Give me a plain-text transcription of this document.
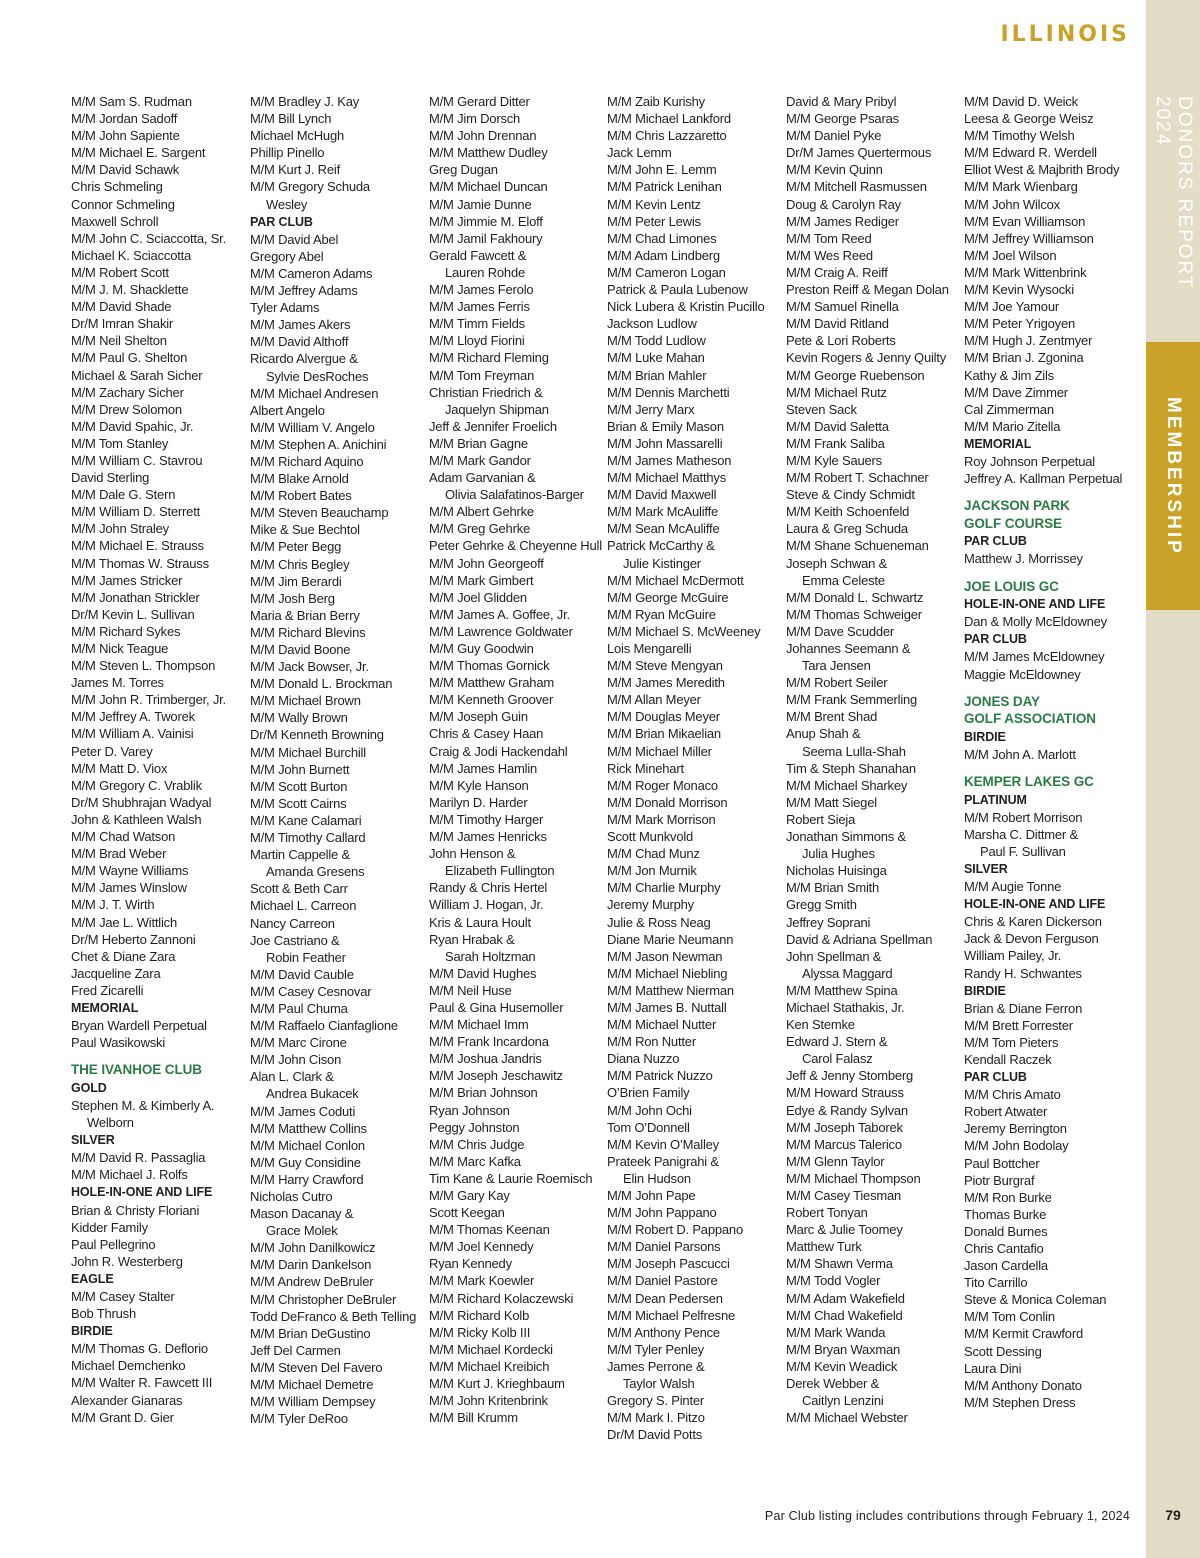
ILLINOIS
DONORS REPORT 2024
MEMBERSHIP
M/M Sam S. Rudman
M/M Jordan Sadoff
M/M John Sapiente
M/M Michael E. Sargent
M/M David Schawk
Chris Schmeling
Connor Schmeling
Maxwell Schroll
M/M John C. Sciaccotta, Sr.
Michael K. Sciaccotta
M/M Robert Scott
M/M J. M. Shacklette
M/M David Shade
Dr/M Imran Shakir
M/M Neil Shelton
M/M Paul G. Shelton
Michael & Sarah Sicher
M/M Zachary Sicher
M/M Drew Solomon
M/M David Spahic, Jr.
M/M Tom Stanley
M/M William C. Stavrou
David Sterling
M/M Dale G. Stern
M/M William D. Sterrett
M/M John Straley
M/M Michael E. Strauss
M/M Thomas W. Strauss
M/M James Stricker
M/M Jonathan Strickler
Dr/M Kevin L. Sullivan
M/M Richard Sykes
M/M Nick Teague
M/M Steven L. Thompson
James M. Torres
M/M John R. Trimberger, Jr.
M/M Jeffrey A. Tworek
M/M William A. Vainisi
Peter D. Varey
M/M Matt D. Viox
M/M Gregory C. Vrablik
Dr/M Shubhrajan Wadyal
John & Kathleen Walsh
M/M Chad Watson
M/M Brad Weber
M/M Wayne Williams
M/M James Winslow
M/M J. T. Wirth
M/M Jae L. Wittlich
Dr/M Heberto Zannoni
Chet & Diane Zara
Jacqueline Zara
Fred Zicarelli
MEMORIAL
Bryan Wardell Perpetual
Paul Wasikowski
THE IVANHOE CLUB
GOLD
Stephen M. & Kimberly A.
Welborn
SILVER
M/M David R. Passaglia
M/M Michael J. Rolfs
HOLE-IN-ONE AND LIFE
Brian & Christy Floriani
Kidder Family
Paul Pellegrino
John R. Westerberg
EAGLE
M/M Casey Stalter
Bob Thrush
BIRDIE
M/M Thomas G. Deflorio
Michael Demchenko
M/M Walter R. Fawcett III
Alexander Gianaras
M/M Grant D. Gier
M/M Bradley J. Kay
M/M Bill Lynch
Michael McHugh
Phillip Pinello
M/M Kurt J. Reif
M/M Gregory Schuda
Wesley
PAR CLUB
M/M David Abel
Gregory Abel
M/M Cameron Adams
M/M Jeffrey Adams
Tyler Adams
M/M James Akers
M/M David Althoff
Ricardo Alvergue &
Sylvie DesRoches
M/M Michael Andresen
Albert Angelo
M/M William V. Angelo
M/M Stephen A. Anichini
M/M Richard Aquino
M/M Blake Arnold
M/M Robert Bates
M/M Steven Beauchamp
Mike & Sue Bechtol
M/M Peter Begg
M/M Chris Begley
M/M Jim Berardi
M/M Josh Berg
Maria & Brian Berry
M/M Richard Blevins
M/M David Boone
M/M Jack Bowser, Jr.
M/M Donald L. Brockman
M/M Michael Brown
M/M Wally Brown
Dr/M Kenneth Browning
M/M Michael Burchill
M/M John Burnett
M/M Scott Burton
M/M Scott Cairns
M/M Kane Calamari
M/M Timothy Callard
Martin Cappelle &
Amanda Gresens
Scott & Beth Carr
Michael L. Carreon
Nancy Carreon
Joe Castriano &
Robin Feather
M/M David Cauble
M/M Casey Cesnovar
M/M Paul Chuma
M/M Raffaelo Cianfaglione
M/M Marc Cirone
M/M John Cison
Alan L. Clark &
Andrea Bukacek
M/M James Coduti
M/M Matthew Collins
M/M Michael Conlon
M/M Guy Considine
M/M Harry Crawford
Nicholas Cutro
Mason Dacanay &
Grace Molek
M/M John Danilkowicz
M/M Darin Dankelson
M/M Andrew DeBruler
M/M Christopher DeBruler
Todd DeFranco & Beth Telling
M/M Brian DeGustino
Jeff Del Carmen
M/M Steven Del Favero
M/M Michael Demetre
M/M William Dempsey
M/M Tyler DeRoo
M/M Gerard Ditter
M/M Jim Dorsch
M/M John Drennan
M/M Matthew Dudley
Greg Dugan
M/M Michael Duncan
M/M Jamie Dunne
M/M Jimmie M. Eloff
M/M Jamil Fakhoury
Gerald Fawcett &
Lauren Rohde
M/M James Ferolo
M/M James Ferris
M/M Timm Fields
M/M Lloyd Fiorini
M/M Richard Fleming
M/M Tom Freyman
Christian Friedrich &
Jaquelyn Shipman
Jeff & Jennifer Froelich
M/M Brian Gagne
M/M Mark Gandor
Adam Garvanian &
Olivia Salafatinos-Barger
M/M Albert Gehrke
M/M Greg Gehrke
Peter Gehrke & Cheyenne Hull
M/M John Georgeoff
M/M Mark Gimbert
M/M Joel Glidden
M/M James A. Goffee, Jr.
M/M Lawrence Goldwater
M/M Guy Goodwin
M/M Thomas Gornick
M/M Matthew Graham
M/M Kenneth Groover
M/M Joseph Guin
Chris & Casey Haan
Craig & Jodi Hackendahl
M/M James Hamlin
M/M Kyle Hanson
Marilyn D. Harder
M/M Timothy Harger
M/M James Henricks
John Henson &
Elizabeth Fullington
Randy & Chris Hertel
William J. Hogan, Jr.
Kris & Laura Hoult
Ryan Hrabak &
Sarah Holtzman
M/M David Hughes
M/M Neil Huse
Paul & Gina Husemoller
M/M Michael Imm
M/M Frank Incardona
M/M Joshua Jandris
M/M Joseph Jeschawitz
M/M Brian Johnson
Ryan Johnson
Peggy Johnston
M/M Chris Judge
M/M Marc Kafka
Tim Kane & Laurie Roemisch
M/M Gary Kay
Scott Keegan
M/M Thomas Keenan
M/M Joel Kennedy
Ryan Kennedy
M/M Mark Koewler
M/M Richard Kolaczewski
M/M Richard Kolb
M/M Ricky Kolb III
M/M Michael Kordecki
M/M Michael Kreibich
M/M Kurt J. Krieghbaum
M/M John Kritenbrink
M/M Bill Krumm
M/M Zaib Kurishy
M/M Michael Lankford
M/M Chris Lazzaretto
Jack Lemm
M/M John E. Lemm
M/M Patrick Lenihan
M/M Kevin Lentz
M/M Peter Lewis
M/M Chad Limones
M/M Adam Lindberg
M/M Cameron Logan
Patrick & Paula Lubenow
Nick Lubera & Kristin Pucillo
Jackson Ludlow
M/M Todd Ludlow
M/M Luke Mahan
M/M Brian Mahler
M/M Dennis Marchetti
M/M Jerry Marx
Brian & Emily Mason
M/M John Massarelli
M/M James Matheson
M/M Michael Matthys
M/M David Maxwell
M/M Mark McAuliffe
M/M Sean McAuliffe
Patrick McCarthy &
Julie Kistinger
M/M Michael McDermott
M/M George McGuire
M/M Ryan McGuire
M/M Michael S. McWeeney
Lois Mengarelli
M/M Steve Mengyan
M/M James Meredith
M/M Allan Meyer
M/M Douglas Meyer
M/M Brian Mikaelian
M/M Michael Miller
Rick Minehart
M/M Roger Monaco
M/M Donald Morrison
M/M Mark Morrison
Scott Munkvold
M/M Chad Munz
M/M Jon Murnik
M/M Charlie Murphy
Jeremy Murphy
Julie & Ross Neag
Diane Marie Neumann
M/M Jason Newman
M/M Michael Niebling
M/M Matthew Nierman
M/M James B. Nuttall
M/M Michael Nutter
M/M Ron Nutter
Diana Nuzzo
M/M Patrick Nuzzo
O’Brien Family
M/M John Ochi
Tom O’Donnell
M/M Kevin O’Malley
Prateek Panigrahi &
Elin Hudson
M/M John Pape
M/M John Pappano
M/M Robert D. Pappano
M/M Daniel Parsons
M/M Joseph Pascucci
M/M Daniel Pastore
M/M Dean Pedersen
M/M Michael Pelfresne
M/M Anthony Pence
M/M Tyler Penley
James Perrone &
Taylor Walsh
Gregory S. Pinter
M/M Mark I. Pitzo
Dr/M David Potts
David & Mary Pribyl
M/M George Psaras
M/M Daniel Pyke
Dr/M James Quertermous
M/M Kevin Quinn
M/M Mitchell Rasmussen
Doug & Carolyn Ray
M/M James Rediger
M/M Tom Reed
M/M Wes Reed
M/M Craig A. Reiff
Preston Reiff & Megan Dolan
M/M Samuel Rinella
M/M David Ritland
Pete & Lori Roberts
Kevin Rogers & Jenny Quilty
M/M George Ruebenson
M/M Michael Rutz
Steven Sack
M/M David Saletta
M/M Frank Saliba
M/M Kyle Sauers
M/M Robert T. Schachner
Steve & Cindy Schmidt
M/M Keith Schoenfeld
Laura & Greg Schuda
M/M Shane Schueneman
Joseph Schwan &
Emma Celeste
M/M Donald L. Schwartz
M/M Thomas Schweiger
M/M Dave Scudder
Johannes Seemann &
Tara Jensen
M/M Robert Seiler
M/M Frank Semmerling
M/M Brent Shad
Anup Shah &
Seema Lulla-Shah
Tim & Steph Shanahan
M/M Michael Sharkey
M/M Matt Siegel
Robert Sieja
Jonathan Simmons &
Julia Hughes
Nicholas Huisinga
M/M Brian Smith
Gregg Smith
Jeffrey Soprani
David & Adriana Spellman
John Spellman &
Alyssa Maggard
M/M Matthew Spina
Michael Stathakis, Jr.
Ken Stemke
Edward J. Stern &
Carol Falasz
Jeff & Jenny Stomberg
M/M Howard Strauss
Edye & Randy Sylvan
M/M Joseph Taborek
M/M Marcus Talerico
M/M Glenn Taylor
M/M Michael Thompson
M/M Casey Tiesman
Robert Tonyan
Marc & Julie Toomey
Matthew Turk
M/M Shawn Verma
M/M Todd Vogler
M/M Adam Wakefield
M/M Chad Wakefield
M/M Mark Wanda
M/M Bryan Waxman
M/M Kevin Weadick
Derek Webber &
Caitlyn Lenzini
M/M Michael Webster
M/M David D. Weick
Leesa & George Weisz
M/M Timothy Welsh
M/M Edward R. Werdell
Elliot West & Majbrith Brody
M/M Mark Wienbarg
M/M John Wilcox
M/M Evan Williamson
M/M Jeffrey Williamson
M/M Joel Wilson
M/M Mark Wittenbrink
M/M Kevin Wysocki
M/M Joe Yamour
M/M Peter Yrigoyen
M/M Hugh J. Zentmyer
M/M Brian J. Zgonina
Kathy & Jim Zils
M/M Dave Zimmer
Cal Zimmerman
M/M Mario Zitella
MEMORIAL
Roy Johnson Perpetual
Jeffrey A. Kallman Perpetual
JACKSON PARK
GOLF COURSE
PAR CLUB
Matthew J. Morrissey
JOE LOUIS GC
HOLE-IN-ONE AND LIFE
Dan & Molly McEldowney
PAR CLUB
M/M James McEldowney
Maggie McEldowney
JONES DAY
GOLF ASSOCIATION
BIRDIE
M/M John A. Marlott
KEMPER LAKES GC
PLATINUM
M/M Robert Morrison
Marsha C. Dittmer &
Paul F. Sullivan
SILVER
M/M Augie Tonne
HOLE-IN-ONE AND LIFE
Chris & Karen Dickerson
Jack & Devon Ferguson
William Pailey, Jr.
Randy H. Schwantes
BIRDIE
Brian & Diane Ferron
M/M Brett Forrester
M/M Tom Pieters
Kendall Raczek
PAR CLUB
M/M Chris Amato
Robert Atwater
Jeremy Berrington
M/M John Bodolay
Paul Bottcher
Piotr Burgraf
M/M Ron Burke
Thomas Burke
Donald Burnes
Chris Cantafio
Jason Cardella
Tito Carrillo
Steve & Monica Coleman
M/M Tom Conlin
M/M Kermit Crawford
Scott Dessing
Laura Dini
M/M Anthony Donato
M/M Stephen Dress
Par Club listing includes contributions through February 1, 2024	79
